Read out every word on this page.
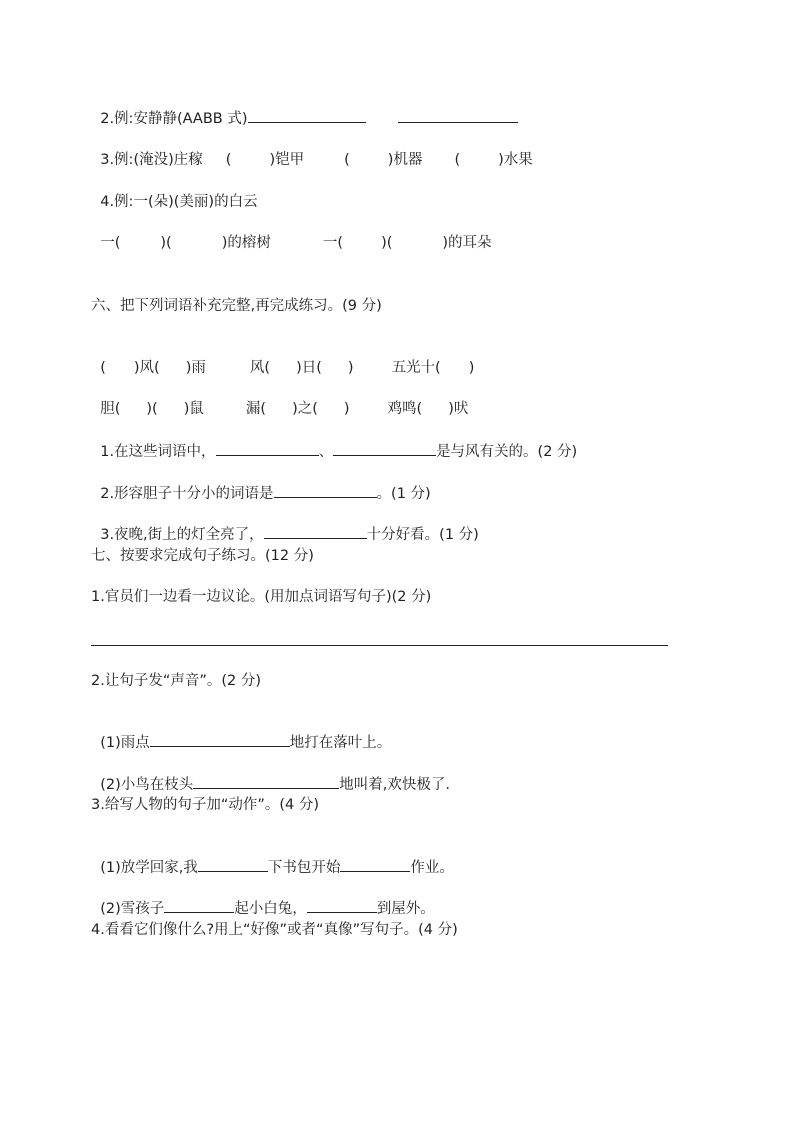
2.例:安静静(AABB 式)

3.例:(淹没)庄稼 (	)铠甲	(	)机器 (	)水果

4.例:一(朵)(美丽)的白云

一(	)(	)的榕树	一(	)(	)的耳朵

六、把下列词语补充完整,再完成练习。(9 分)

( )风( )雨	风( )日( )	五光十( )

胆( )( )鼠	漏( )之( )	鸡鸣( )吠

1.在这些词语中，	、	是与风有关的。(2 分)

2.形容胆子十分小的词语是	。(1 分)

3.夜晚,街上的灯全亮了，	十分好看。(1 分)

七、按要求完成句子练习。(12 分)
1.官员们一边看一边议论。(用加点词语写句子)(2 分)
2.让句子发“声音”。(2 分)

(1)雨点	地打在落叶上。

(2)小鸟在枝头	地叫着,欢快极了.

3.给写人物的句子加“动作”。(4 分)

(1)放学回家,我	下书包开始	作业。

(2)雪孩子	起小白兔，	到屋外。

4.看看它们像什么?用上“好像”或者“真像”写句子。(4 分)
